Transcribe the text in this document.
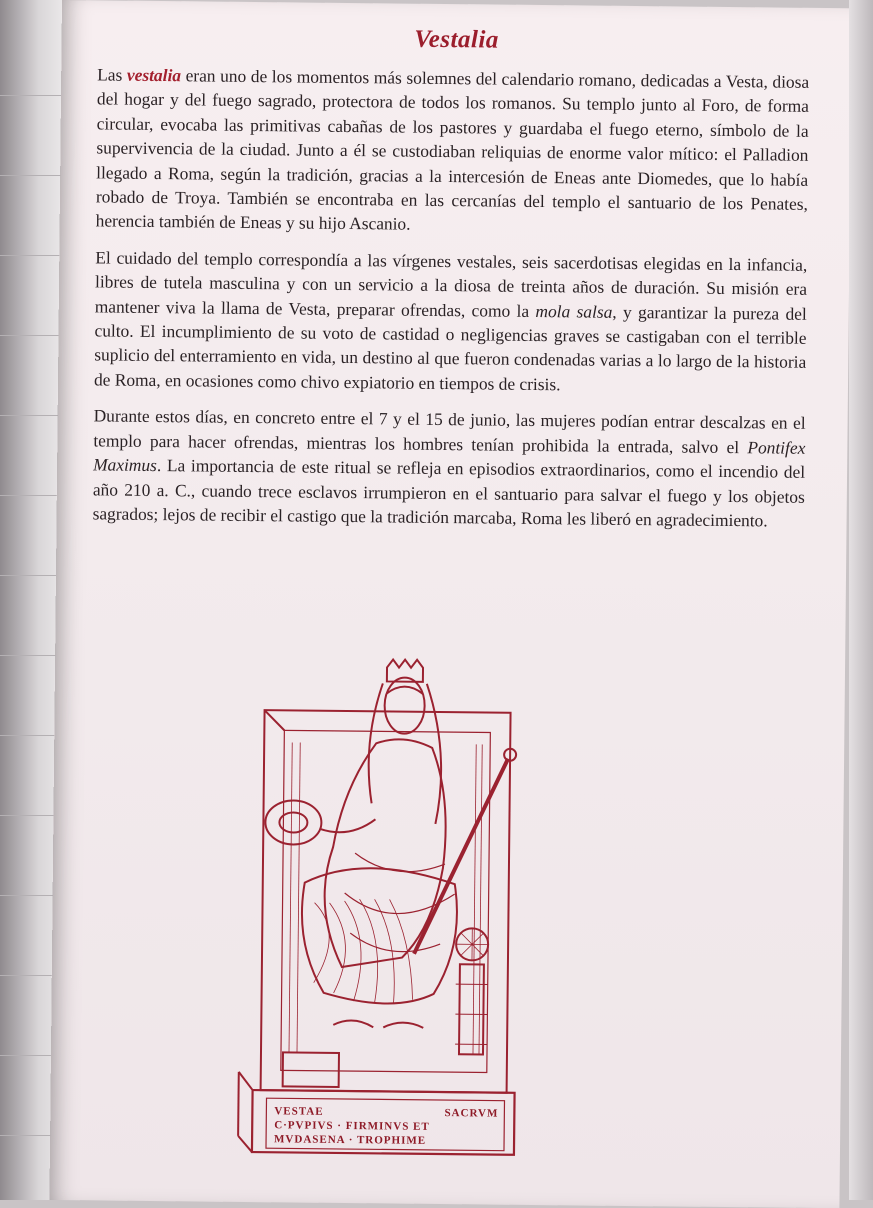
Vestalia

Las vestalia eran uno de los momentos más solemnes del calendario romano, dedicadas a Vesta, diosa del hogar y del fuego sagrado, protectora de todos los romanos. Su templo junto al Foro, de forma circular, evocaba las primitivas cabañas de los pastores y guardaba el fuego eterno, símbolo de la supervivencia de la ciudad. Junto a él se custodiaban reliquias de enorme valor mítico: el Palladion llegado a Roma, según la tradición, gracias a la intercesión de Eneas ante Diomedes, que lo había robado de Troya. También se encontraba en las cercanías del templo el santuario de los Penates, herencia también de Eneas y su hijo Ascanio.

El cuidado del templo correspondía a las vírgenes vestales, seis sacerdotisas elegidas en la infancia, libres de tutela masculina y con un servicio a la diosa de treinta años de duración. Su misión era mantener viva la llama de Vesta, preparar ofrendas, como la mola salsa, y garantizar la pureza del culto. El incumplimiento de su voto de castidad o negligencias graves se castigaban con el terrible suplicio del enterramiento en vida, un destino al que fueron condenadas varias a lo largo de la historia de Roma, en ocasiones como chivo expiatorio en tiempos de crisis.

Durante estos días, en concreto entre el 7 y el 15 de junio, las mujeres podían entrar descalzas en el templo para hacer ofrendas, mientras los hombres tenían prohibida la entrada, salvo el Pontifex Maximus. La importancia de este ritual se refleja en episodios extraordinarios, como el incendio del año 210 a. C., cuando trece esclavos irrumpieron en el santuario para salvar el fuego y los objetos sagrados; lejos de recibir el castigo que la tradición marcaba, Roma les liberó en agradecimiento.

VESTAE	SACRVM
C·PVPIVS · FIRMINVS ET
MVDASENA · TROPHIME
